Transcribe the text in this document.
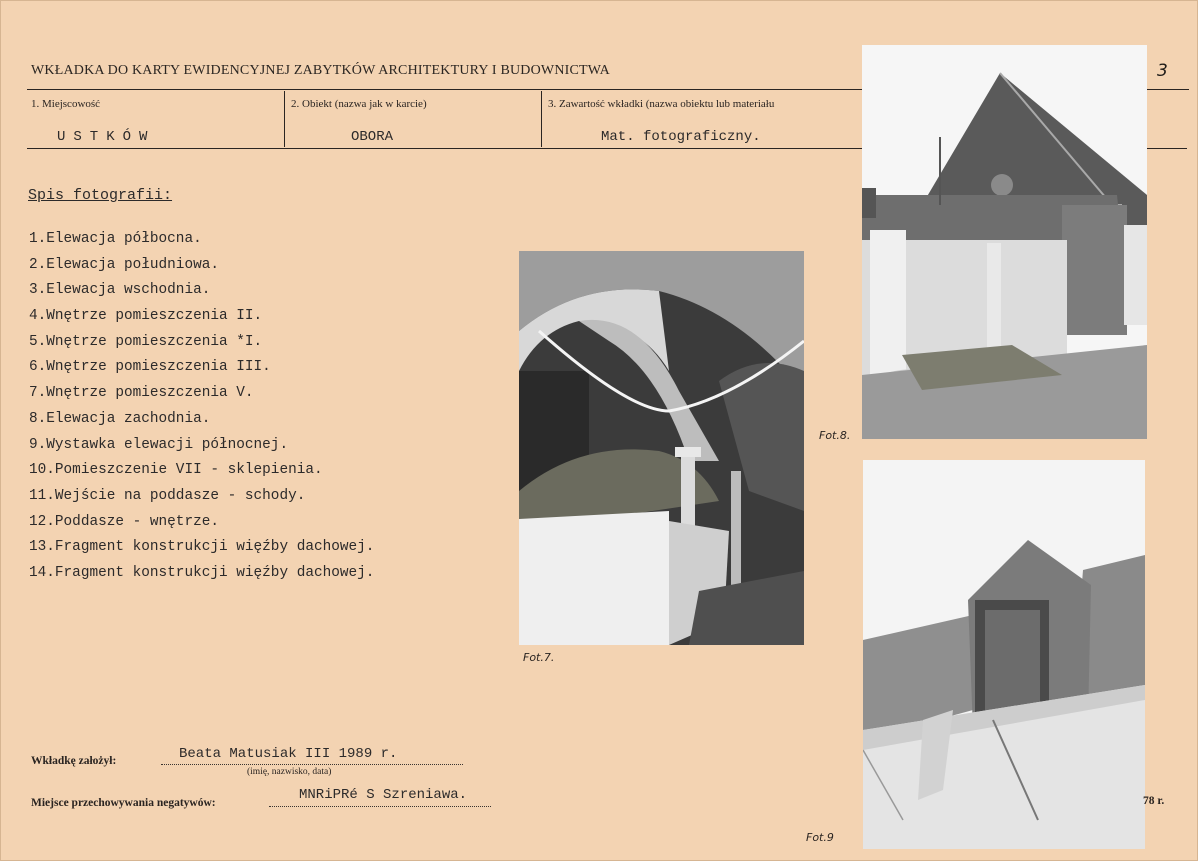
WKŁADKA DO KARTY EWIDENCYJNEJ ZABYTKÓW ARCHITEKTURY I BUDOWNICTWA	3
1. Miejscowość
USTKÓW
2. Obiekt (nazwa jak w karcie)
OBORA
3. Zawartość wkładki (nazwa obiektu lub materiału
Mat. fotograficzny.
Spis fotografii:
1.Elewacja półbocna.
2.Elewacja południowa.
3.Elewacja wschodnia.
4.Wnętrze pomieszczenia II.
5.Wnętrze pomieszczenia *I.
6.Wnętrze pomieszczenia III.
7.Wnętrze pomieszczenia V.
8.Elewacja zachodnia.
9.Wystawka elewacji północnej.
10.Pomieszczenie VII - sklepienia.
11.Wejście na poddasze - schody.
12.Poddasze - wnętrze.
13.Fragment konstrukcji więźby dachowej.
14.Fragment konstrukcji więźby dachowej.
Fot.7.
Fot.8.
Fot.9
Wkładkę założył:	Beata Matusiak III 1989 r.
(imię, nazwisko, data)
Miejsce przechowywania negatywów:	MNRiPRé S Szreniawa.	78 r.
